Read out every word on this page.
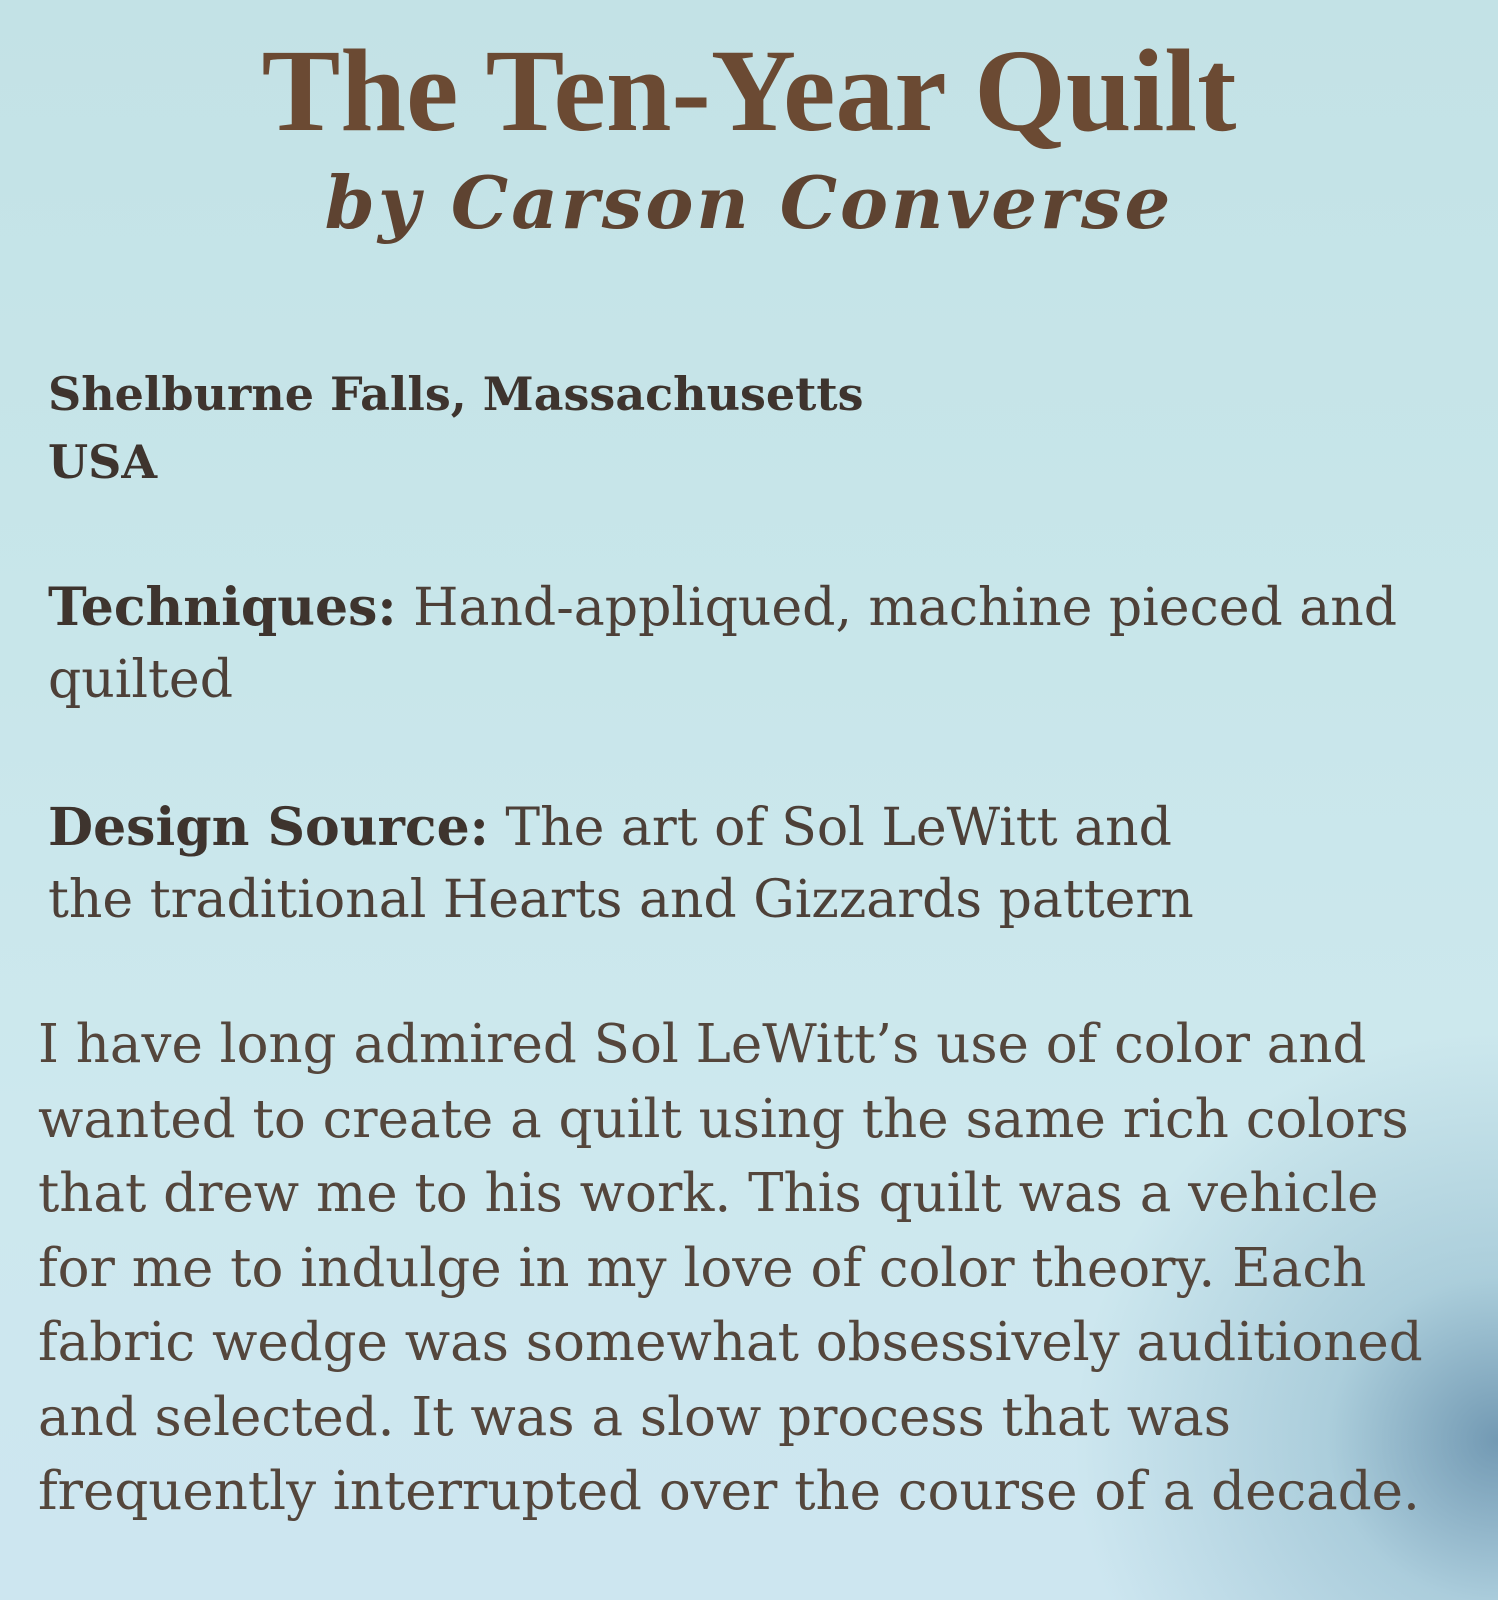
The Ten-Year Quilt
by Carson Converse
Shelburne Falls, Massachusetts
USA
Techniques: Hand-appliqued, machine pieced and
quilted
Design Source: The art of Sol LeWitt and
the traditional Hearts and Gizzards pattern
I have long admired Sol LeWitt’s use of color and
wanted to create a quilt using the same rich colors
that drew me to his work. This quilt was a vehicle
for me to indulge in my love of color theory. Each
fabric wedge was somewhat obsessively auditioned
and selected. It was a slow process that was
frequently interrupted over the course of a decade.
